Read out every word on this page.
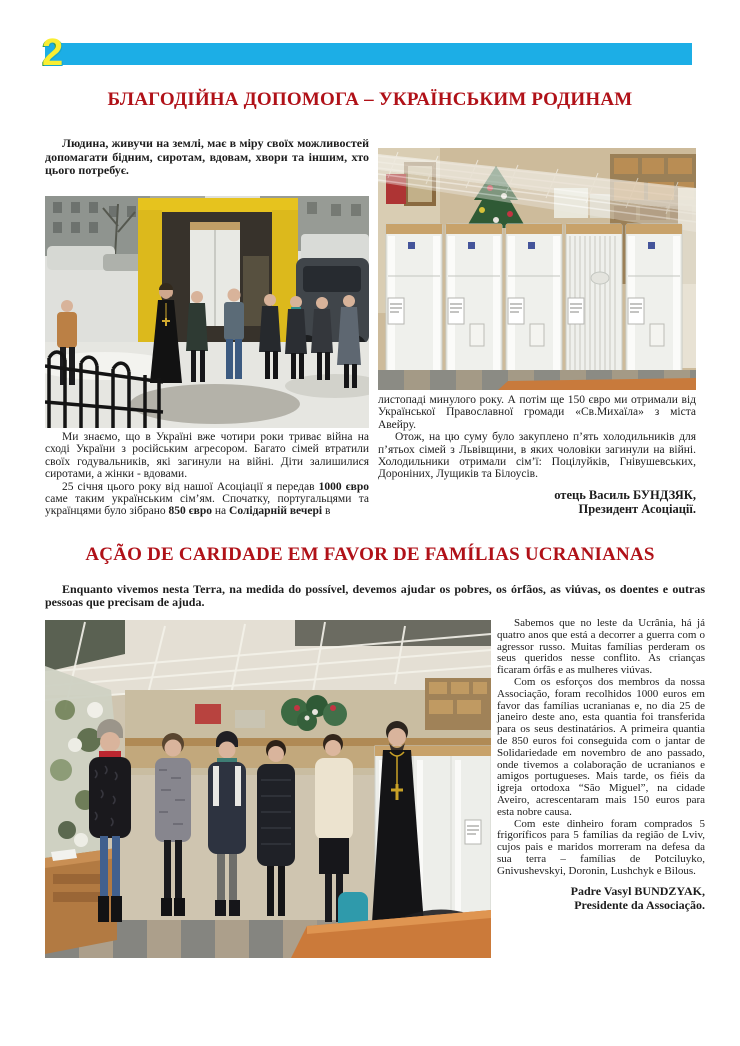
2
БЛАГОДІЙНА ДОПОМОГА – УКРАЇНСЬКИМ РОДИНАМ

Людина, живучи на землі, має в міру своїх можливостей допомагати бідним, сиротам, вдовам, хвори та іншим, хто цього потребує.

Ми знаємо, що в Україні вже чотири роки триває війна на сході України з російським агресором. Багато сімей втратили своїх годувальників, які загинули на війні. Діти залишилися сиротами, а жінки - вдовами.

25 січня цього року від нашої Асоціації я передав 1000 євро саме таким українським сім’ям. Спочатку, португальцями та українцями було зібрано 850 євро на Солідарній вечері в

листопаді минулого року. А потім ще 150 євро ми отримали від Української Православної громади «Св.Михаїла» з міста Авейру.

Отож, на цю суму було закуплено п’ять холодильників для п’ятьох сімей з Львівщини, в яких чоловіки загинули на війні. Холодильники отримали сім’ї: Поцілуйків, Гнівушевських, Дороніних, Лущиків та Білоусів.

отець Василь БУНДЗЯК,
Президент Асоціації.
AÇÃO DE CARIDADE EM FAVOR DE FAMÍLIAS UCRANIANAS

Enquanto vivemos nesta Terra, na medida do possível, devemos ajudar os pobres, os órfãos, as viúvas, os doentes e outras pessoas que precisam de ajuda.

Sabemos que no leste da Ucrânia, há já quatro anos que está a decorrer a guerra com o agressor russo. Muitas famílias perderam os seus queridos nesse conflito. As crianças ficaram órfãs e as mulheres viúvas.

Com os esforços dos membros da nossa Associação, foram recolhidos 1000 euros em favor das famílias ucranianas e, no dia 25 de janeiro deste ano, esta quantia foi transferida para os seus destinatários. A primeira quantia de 850 euros foi conseguida com o jantar de Solidariedade em novembro de ano passado, onde tivemos a colaboração de ucranianos e amigos portugueses. Mais tarde, os fiéis da igreja ortodoxa “São Miguel”, na cidade Aveiro, acrescentaram mais 150 euros para esta nobre causa.

Com este dinheiro foram comprados 5 frigoríficos para 5 famílias da região de Lviv, cujos pais e maridos morreram na defesa da sua terra – famílias de Potciluyko, Gnivushevskyi, Doronin, Lushchyk e Bilous.

Padre Vasyl BUNDZYAK,
Presidente da Associação.
